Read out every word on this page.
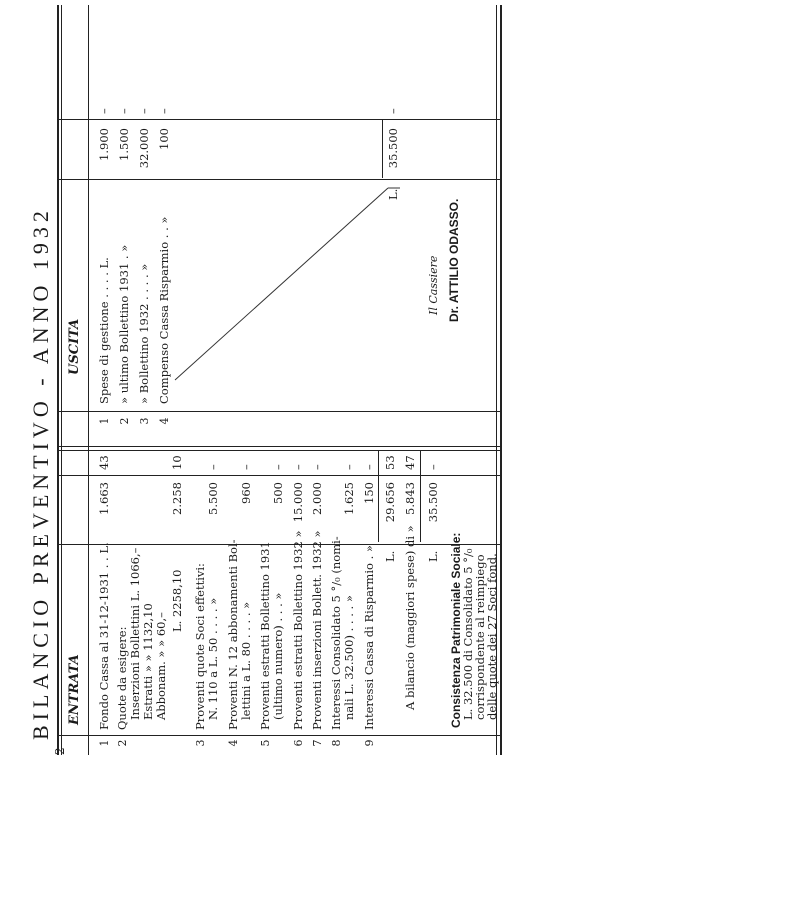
BILANCIO PREVENTIVO - ANNO 1932
2
ENTRATA
USCITA
1
Fondo Cassa al 31-12-1931 . . L.
1.663
43
2
Quote da esigere: Inserzioni Bollettini L. 1066,– Estratti » » 1132,10 Abbonam. » » 60,–
L. 2258,10
2.258
10
3
Proventi quote Soci effettivi: N. 110 a L. 50 . . . . »
5.500
–
4
Proventi N. 12 abbonamenti Bol- lettini a L. 80 . . . . »
960
–
5
Proventi estratti Bollettino 1931 (ultimo numero) . . . »
500
–
6
Proventi estratti Bollettino 1932 »
15.000
–
7
Proventi inserzioni Bollett. 1932 »
2.000
–
8
Interessi Consolidato 5 °/₀ (nomi- nali L. 32.500) . . . . »
1.625
–
9
Interessi Cassa di Risparmio . »
150
–
L.
29.656
53
A bilancio (maggiori spese) di »
5.843
47
L.
35.500
–
Consistenza Patrimoniale Sociale:
L. 32.500 di Consolidato 5 °/₀
corrispondente al reimpiego
delle quote dei 27 Soci fond.
1
Spese di gestione . . . . L.
1.900
–
2
» ultimo Bollettino 1931 . »
1.500
–
3
» Bollettino 1932 . . . . »
32.000
–
4
Compenso Cassa Risparmio . . »
100
–
L.
35.500
–
Il Cassiere Dr. ATTILIO ODASSO.
